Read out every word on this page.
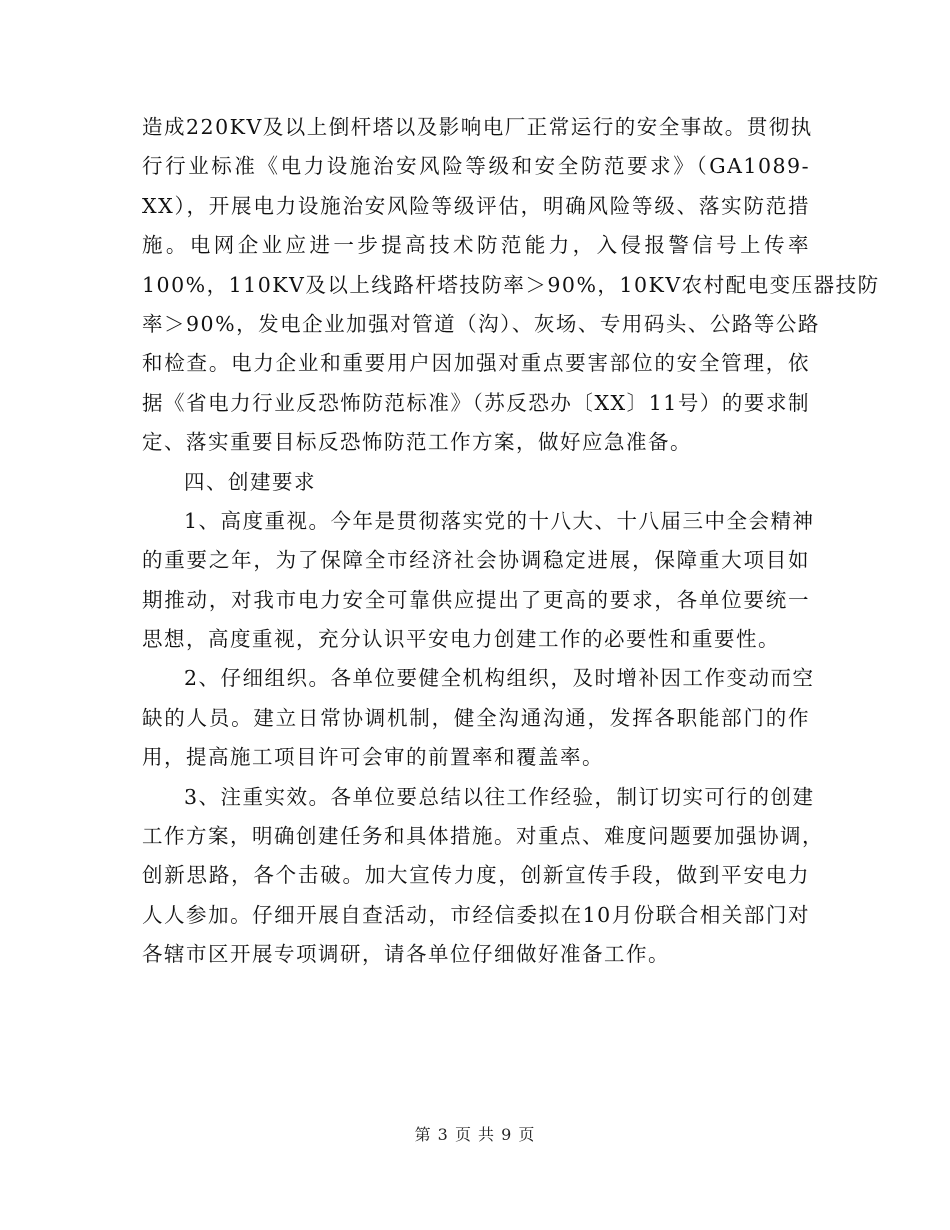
造成220KV及以上倒杆塔以及影响电厂正常运行的安全事故。贯彻执
行行业标准《电力设施治安风险等级和安全防范要求》（GA1089-
XX），开展电力设施治安风险等级评估，明确风险等级、落实防范措
施。电网企业应进一步提高技术防范能力，入侵报警信号上传率
100%，110KV及以上线路杆塔技防率＞90%，10KV农村配电变压器技防
率＞90%，发电企业加强对管道（沟）、灰场、专用码头、公路等公路
和检查。电力企业和重要用户因加强对重点要害部位的安全管理，依
据《省电力行业反恐怖防范标准》（苏反恐办〔XX〕11号）的要求制
定、落实重要目标反恐怖防范工作方案，做好应急准备。
四、创建要求
1、高度重视。今年是贯彻落实党的十八大、十八届三中全会精神
的重要之年，为了保障全市经济社会协调稳定进展，保障重大项目如
期推动，对我市电力安全可靠供应提出了更高的要求，各单位要统一
思想，高度重视，充分认识平安电力创建工作的必要性和重要性。
2、仔细组织。各单位要健全机构组织，及时增补因工作变动而空
缺的人员。建立日常协调机制，健全沟通沟通，发挥各职能部门的作
用，提高施工项目许可会审的前置率和覆盖率。
3、注重实效。各单位要总结以往工作经验，制订切实可行的创建
工作方案，明确创建任务和具体措施。对重点、难度问题要加强协调，
创新思路，各个击破。加大宣传力度，创新宣传手段，做到平安电力
人人参加。仔细开展自查活动，市经信委拟在10月份联合相关部门对
各辖市区开展专项调研，请各单位仔细做好准备工作。
第 3 页 共 9 页
